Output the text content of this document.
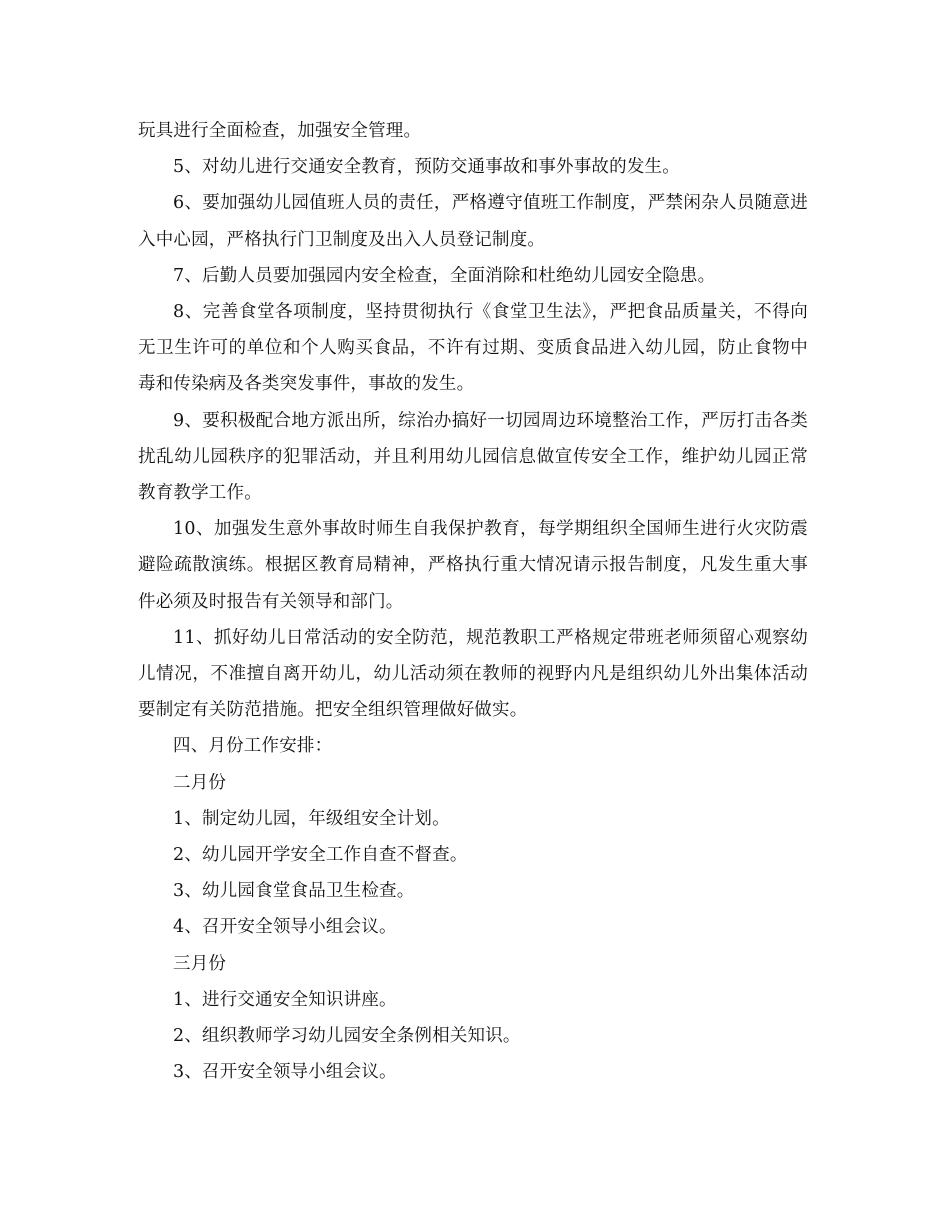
玩具进行全面检查，加强安全管理。

5、对幼儿进行交通安全教育，预防交通事故和事外事故的发生。

6、要加强幼儿园值班人员的责任，严格遵守值班工作制度，严禁闲杂人员随意进入中心园，严格执行门卫制度及出入人员登记制度。

7、后勤人员要加强园内安全检查，全面消除和杜绝幼儿园安全隐患。

8、完善食堂各项制度，坚持贯彻执行《食堂卫生法》，严把食品质量关，不得向无卫生许可的单位和个人购买食品，不许有过期、变质食品进入幼儿园，防止食物中毒和传染病及各类突发事件，事故的发生。

9、要积极配合地方派出所，综治办搞好一切园周边环境整治工作，严厉打击各类扰乱幼儿园秩序的犯罪活动，并且利用幼儿园信息做宣传安全工作，维护幼儿园正常教育教学工作。

10、加强发生意外事故时师生自我保护教育，每学期组织全国师生进行火灾防震避险疏散演练。根据区教育局精神，严格执行重大情况请示报告制度，凡发生重大事件必须及时报告有关领导和部门。

11、抓好幼儿日常活动的安全防范，规范教职工严格规定带班老师须留心观察幼儿情况，不准擅自离开幼儿，幼儿活动须在教师的视野内凡是组织幼儿外出集体活动要制定有关防范措施。把安全组织管理做好做实。

四、月份工作安排：

二月份

1、制定幼儿园，年级组安全计划。

2、幼儿园开学安全工作自查不督查。

3、幼儿园食堂食品卫生检查。

4、召开安全领导小组会议。

三月份

1、进行交通安全知识讲座。

2、组织教师学习幼儿园安全条例相关知识。

3、召开安全领导小组会议。
